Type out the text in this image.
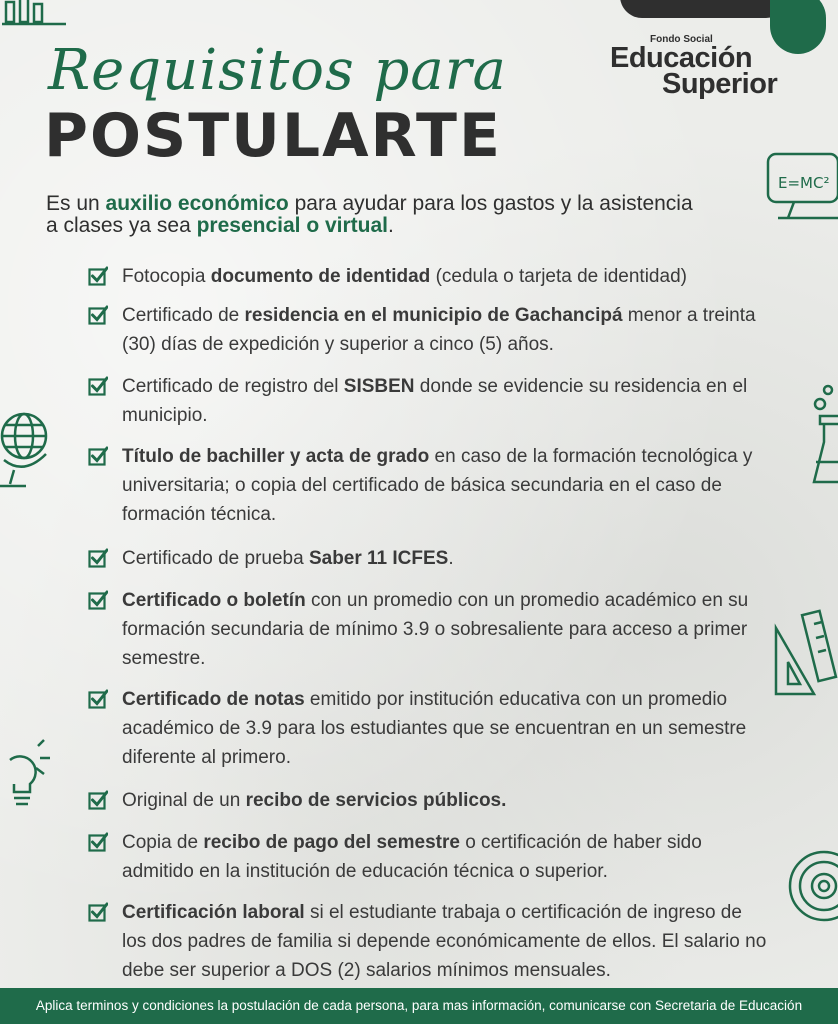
Fondo Social
Educación
Superior
Requisitos para
POSTULARTE
Es un auxilio económico para ayudar para los gastos y la asistencia a clases ya sea presencial o virtual.
Fotocopia documento de identidad (cedula o tarjeta de identidad)
Certificado de residencia en el municipio de Gachancipá menor a treinta (30) días de expedición y superior a cinco (5) años.
Certificado de registro del SISBEN donde se evidencie su residencia en el municipio.
Título de bachiller y acta de grado en caso de la formación tecnológica y universitaria; o copia del certificado de básica secundaria en el caso de formación técnica.
Certificado de prueba Saber 11 ICFES.
Certificado o boletín con un promedio con un promedio académico en su formación secundaria de mínimo 3.9 o sobresaliente para acceso a primer semestre.
Certificado de notas emitido por institución educativa con un promedio académico de 3.9 para los estudiantes que se encuentran en un semestre diferente al primero.
Original de un recibo de servicios públicos.
Copia de recibo de pago del semestre o certificación de haber sido admitido en la institución de educación técnica o superior.
Certificación laboral si el estudiante trabaja o certificación de ingreso de los dos padres de familia si depende económicamente de ellos. El salario no debe ser superior a DOS (2) salarios mínimos mensuales.
E=MC²
Aplica terminos y condiciones la postulación de cada persona, para mas información, comunicarse con Secretaria de Educación
